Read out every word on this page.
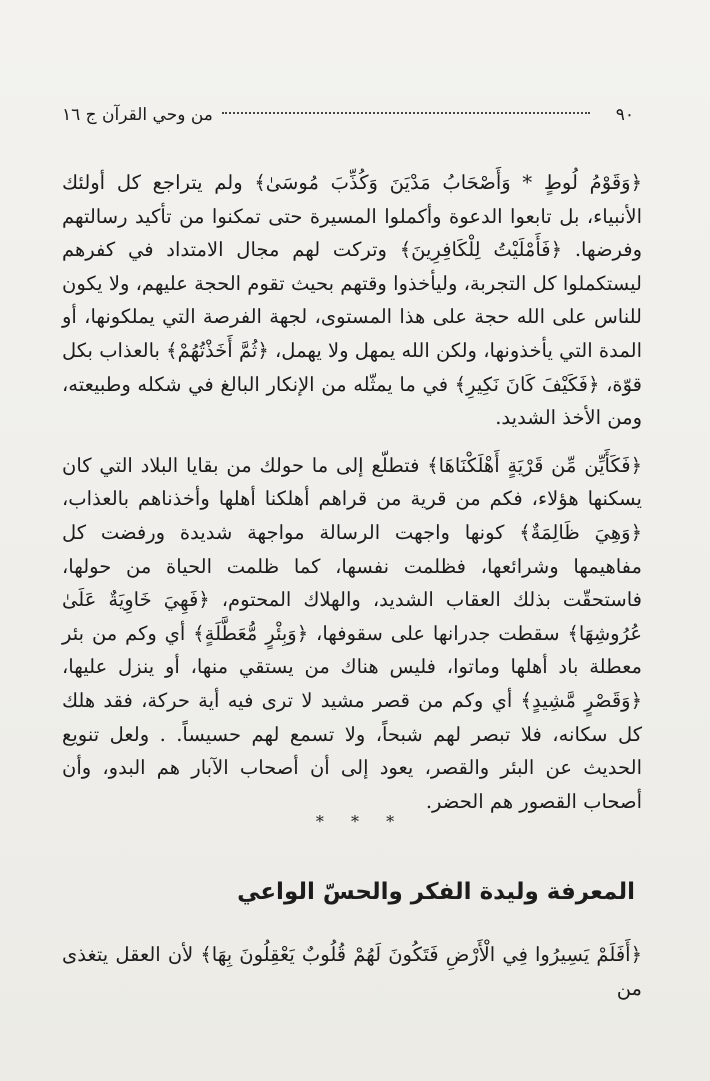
٩٠
من وحي القرآن ج ١٦

﴿وَقَوْمُ لُوطٍ * وَأَصْحَابُ مَدْيَنَ وَكُذِّبَ مُوسَىٰ﴾ ولم يتراجع كل أولئك الأنبياء، بل تابعوا الدعوة وأكملوا المسيرة حتى تمكنوا من تأكيد رسالتهم وفرضها. ﴿فَأَمْلَيْتُ لِلْكَافِرِينَ﴾ وتركت لهم مجال الامتداد في كفرهم ليستكملوا كل التجربة، وليأخذوا وقتهم بحيث تقوم الحجة عليهم، ولا يكون للناس على الله حجة على هذا المستوى، لجهة الفرصة التي يملكونها، أو المدة التي يأخذونها، ولكن الله يمهل ولا يهمل، ﴿ثُمَّ أَخَذْتُهُمْ﴾ بالعذاب بكل قوّة، ﴿فَكَيْفَ كَانَ نَكِيرِ﴾ في ما يمثّله من الإنكار البالغ في شكله وطبيعته، ومن الأخذ الشديد.

﴿فَكَأَيِّن مِّن قَرْيَةٍ أَهْلَكْنَاهَا﴾ فتطلّع إلى ما حولك من بقايا البلاد التي كان يسكنها هؤلاء، فكم من قرية من قراهم أهلكنا أهلها وأخذناهم بالعذاب، ﴿وَهِيَ ظَالِمَةٌ﴾ كونها واجهت الرسالة مواجهة شديدة ورفضت كل مفاهيمها وشرائعها، فظلمت نفسها، كما ظلمت الحياة من حولها، فاستحقّت بذلك العقاب الشديد، والهلاك المحتوم، ﴿فَهِيَ خَاوِيَةٌ عَلَىٰ عُرُوشِهَا﴾ سقطت جدرانها على سقوفها، ﴿وَبِئْرٍ مُّعَطَّلَةٍ﴾ أي وكم من بئر معطلة باد أهلها وماتوا، فليس هناك من يستقي منها، أو ينزل عليها، ﴿وَقَصْرٍ مَّشِيدٍ﴾ أي وكم من قصر مشيد لا ترى فيه أية حركة، فقد هلك كل سكانه، فلا تبصر لهم شبحاً، ولا تسمع لهم حسيساً. . ولعل تنويع الحديث عن البئر والقصر، يعود إلى أن أصحاب الآبار هم البدو، وأن أصحاب القصور هم الحضر.

* * *
المعرفة وليدة الفكر والحسّ الواعي

﴿أَفَلَمْ يَسِيرُوا فِي الْأَرْضِ فَتَكُونَ لَهُمْ قُلُوبٌ يَعْقِلُونَ بِهَا﴾ لأن العقل يتغذى من
